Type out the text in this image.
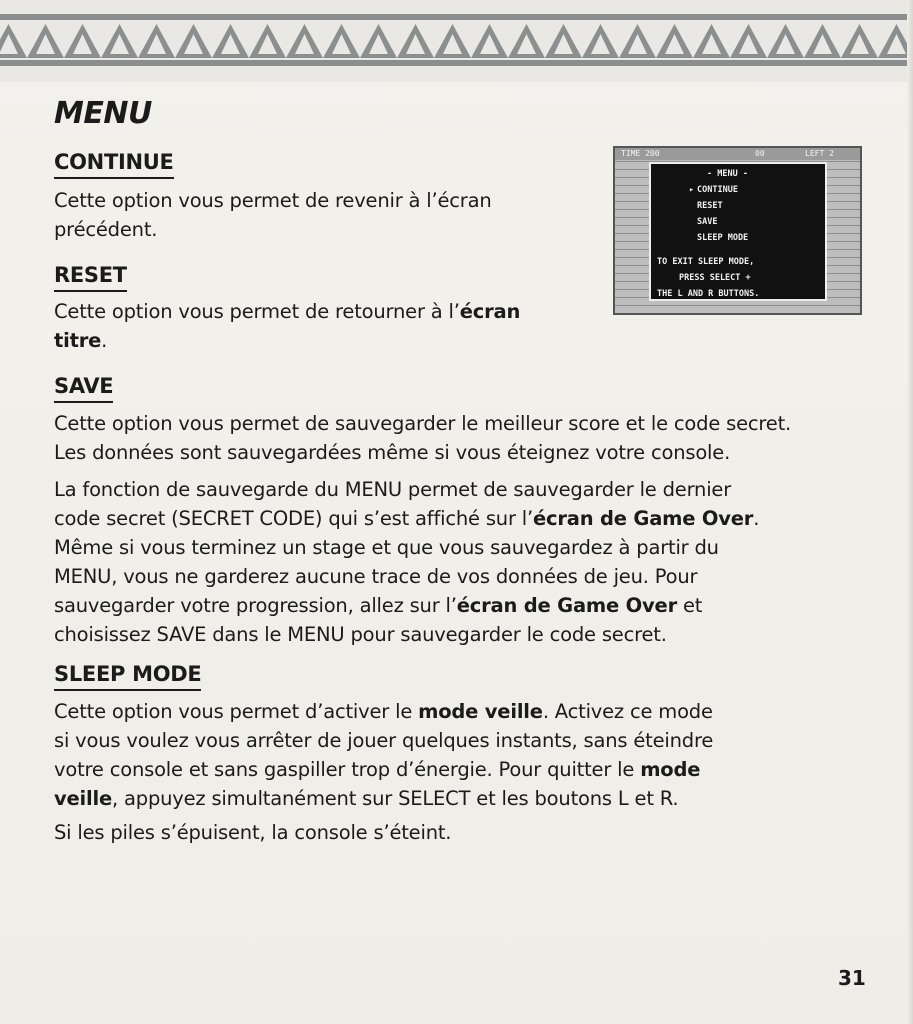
MENU
CONTINUE

Cette option vous permet de revenir à l’écran
précédent.

RESET

Cette option vous permet de retourner à l’écran
titre.

SAVE

Cette option vous permet de sauvegarder le meilleur score et le code secret.
Les données sont sauvegardées même si vous éteignez votre console.

La fonction de sauvegarde du MENU permet de sauvegarder le dernier
code secret (SECRET CODE) qui s’est affiché sur l’écran de Game Over.
Même si vous terminez un stage et que vous sauvegardez à partir du
MENU, vous ne garderez aucune trace de vos données de jeu. Pour
sauvegarder votre progression, allez sur l’écran de Game Over et
choisissez SAVE dans le MENU pour sauvegarder le code secret.

SLEEP MODE

Cette option vous permet d’activer le mode veille. Activez ce mode
si vous voulez vous arrêter de jouer quelques instants, sans éteindre
votre console et sans gaspiller trop d’énergie. Pour quitter le mode
veille, appuyez simultanément sur SELECT et les boutons L et R.

Si les piles s’épuisent, la console s’éteint.

TIME 200	00	LEFT 2
- MENU -
▸ CONTINUE
RESET
SAVE
SLEEP MODE
TO EXIT SLEEP MODE,
PRESS SELECT +
THE L AND R BUTTONS.
31
